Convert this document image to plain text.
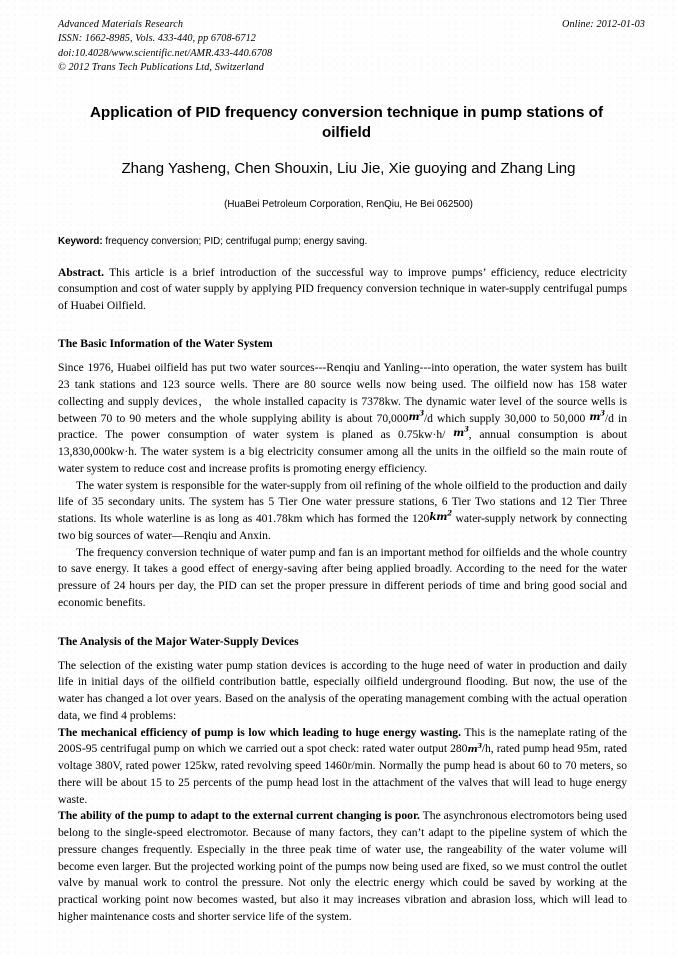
Advanced Materials Research
ISSN: 1662-8985, Vols. 433-440, pp 6708-6712
doi:10.4028/www.scientific.net/AMR.433-440.6708
© 2012 Trans Tech Publications Ltd, Switzerland
Online: 2012-01-03
Application of PID frequency conversion technique in pump stations of oilfield
Zhang Yasheng, Chen Shouxin, Liu Jie, Xie guoying and Zhang Ling
(HuaBei Petroleum Corporation, RenQiu, He Bei 062500)
Keyword: frequency conversion; PID; centrifugal pump; energy saving.
Abstract. This article is a brief introduction of the successful way to improve pumps’ efficiency, reduce electricity consumption and cost of water supply by applying PID frequency conversion technique in water-supply centrifugal pumps of Huabei Oilfield.
The Basic Information of the Water System

Since 1976, Huabei oilfield has put two water sources---Renqiu and Yanling---into operation, the water system has built 23 tank stations and 123 source wells. There are 80 source wells now being used. The oilfield now has 158 water collecting and supply devices， the whole installed capacity is 7378kw. The dynamic water level of the source wells is between 70 to 90 meters and the whole supplying ability is about $70,000m^3/d$ which supply 30,000 to 50,000 $m^3/d$ in practice. The power consumption of water system is planed as 0.75kw·h/ $m^3$, annual consumption is about 13,830,000kw·h. The water system is a big electricity consumer among all the units in the oilfield so the main route of water system to reduce cost and increase profits is promoting energy efficiency.

The water system is responsible for the water-supply from oil refining of the whole oilfield to the production and daily life of 35 secondary units. The system has 5 Tier One water pressure stations, 6 Tier Two stations and 12 Tier Three stations. Its whole waterline is as long as 401.78km which has formed the $120km^2$ water-supply network by connecting two big sources of water—Renqiu and Anxin.

The frequency conversion technique of water pump and fan is an important method for oilfields and the whole country to save energy. It takes a good effect of energy-saving after being applied broadly. According to the need for the water pressure of 24 hours per day, the PID can set the proper pressure in different periods of time and bring good social and economic benefits.

The Analysis of the Major Water-Supply Devices

The selection of the existing water pump station devices is according to the huge need of water in production and daily life in initial days of the oilfield contribution battle, especially oilfield underground flooding. But now, the use of the water has changed a lot over years. Based on the analysis of the operating management combing with the actual operation data, we find 4 problems:

The mechanical efficiency of pump is low which leading to huge energy wasting. This is the nameplate rating of the 200S-95 centrifugal pump on which we carried out a spot check: rated water output $280m^3/h$, rated pump head 95m, rated voltage 380V, rated power 125kw, rated revolving speed 1460r/min. Normally the pump head is about 60 to 70 meters, so there will be about 15 to 25 percents of the pump head lost in the attachment of the valves that will lead to huge energy waste.

The ability of the pump to adapt to the external current changing is poor. The asynchronous electromotors being used belong to the single-speed electromotor. Because of many factors, they can’t adapt to the pipeline system of which the pressure changes frequently. Especially in the three peak time of water use, the rangeability of the water volume will become even larger. But the projected working point of the pumps now being used are fixed, so we must control the outlet valve by manual work to control the pressure. Not only the electric energy which could be saved by working at the practical working point now becomes wasted, but also it may increases vibration and abrasion loss, which will lead to higher maintenance costs and shorter service life of the system.
